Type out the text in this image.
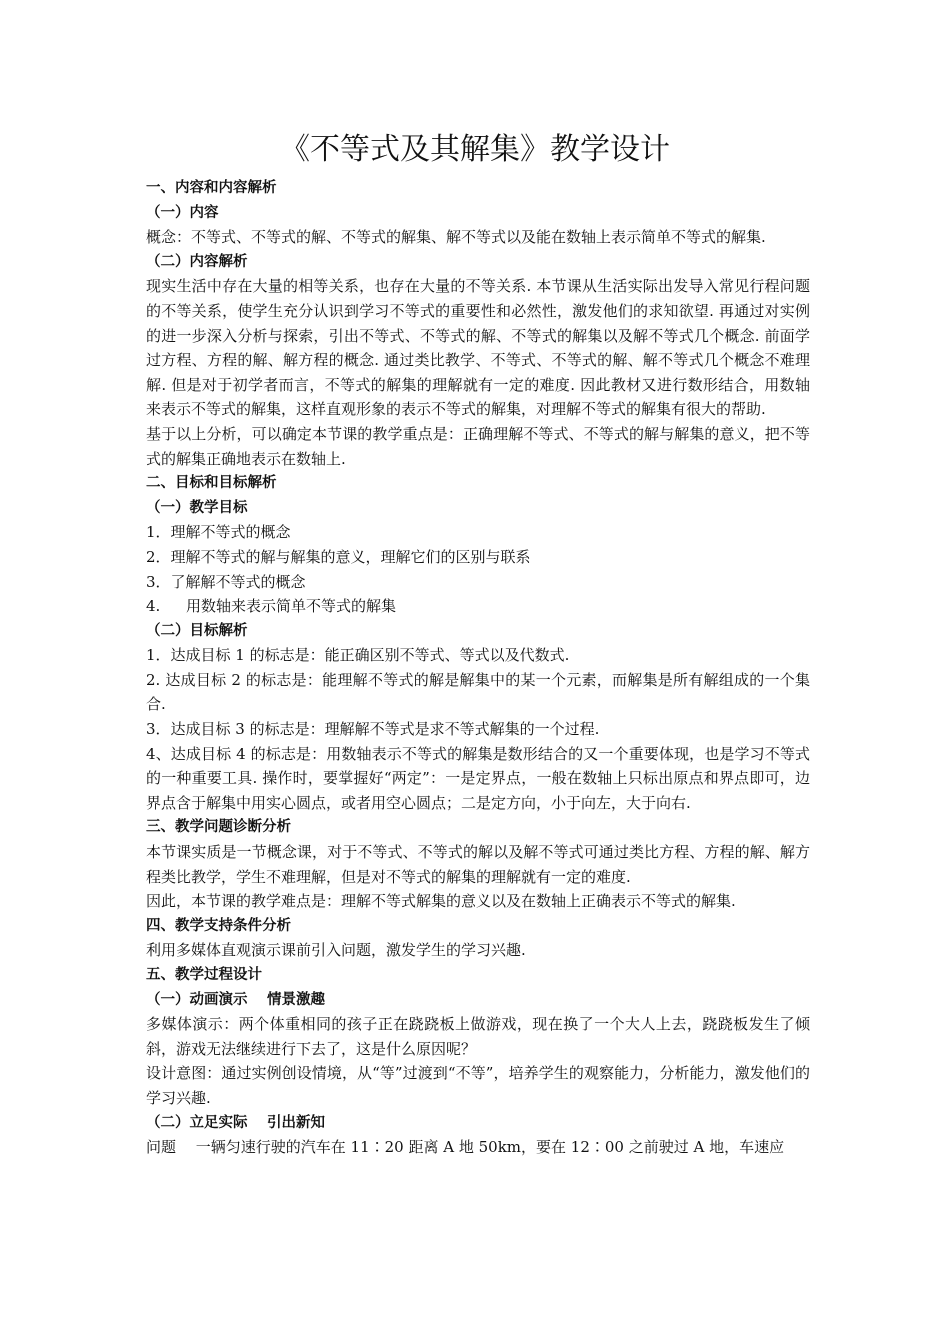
《不等式及其解集》教学设计

一、内容和内容解析

（一）内容

概念：不等式、不等式的解、不等式的解集、解不等式以及能在数轴上表示简单不等式的解集.

（二）内容解析

现实生活中存在大量的相等关系，也存在大量的不等关系. 本节课从生活实际出发导入常见行程问题的不等关系，使学生充分认识到学习不等式的重要性和必然性，激发他们的求知欲望. 再通过对实例的进一步深入分析与探索，引出不等式、不等式的解、不等式的解集以及解不等式几个概念. 前面学过方程、方程的解、解方程的概念. 通过类比教学、不等式、不等式的解、解不等式几个概念不难理解. 但是对于初学者而言，不等式的解集的理解就有一定的难度. 因此教材又进行数形结合，用数轴来表示不等式的解集，这样直观形象的表示不等式的解集，对理解不等式的解集有很大的帮助.

基于以上分析，可以确定本节课的教学重点是：正确理解不等式、不等式的解与解集的意义，把不等式的解集正确地表示在数轴上.

二、目标和目标解析

（一）教学目标

1．理解不等式的概念

2．理解不等式的解与解集的意义，理解它们的区别与联系

3．了解解不等式的概念

4. 用数轴来表示简单不等式的解集

（二）目标解析

1．达成目标 1 的标志是：能正确区别不等式、等式以及代数式.

2. 达成目标 2 的标志是：能理解不等式的解是解集中的某一个元素，而解集是所有解组成的一个集合.

3．达成目标 3 的标志是：理解解不等式是求不等式解集的一个过程.

4、达成目标 4 的标志是：用数轴表示不等式的解集是数形结合的又一个重要体现，也是学习不等式的一种重要工具. 操作时，要掌握好“两定”：一是定界点，一般在数轴上只标出原点和界点即可，边界点含于解集中用实心圆点，或者用空心圆点；二是定方向，小于向左，大于向右.

三、教学问题诊断分析

本节课实质是一节概念课，对于不等式、不等式的解以及解不等式可通过类比方程、方程的解、解方程类比教学，学生不难理解，但是对不等式的解集的理解就有一定的难度.

因此，本节课的教学难点是：理解不等式解集的意义以及在数轴上正确表示不等式的解集.

四、教学支持条件分析

利用多媒体直观演示课前引入问题，激发学生的学习兴趣.

五、教学过程设计

（一）动画演示　 情景激趣

多媒体演示：两个体重相同的孩子正在跷跷板上做游戏，现在换了一个大人上去，跷跷板发生了倾斜，游戏无法继续进行下去了，这是什么原因呢？

设计意图：通过实例创设情境，从“等”过渡到“不等”，培养学生的观察能力，分析能力，激发他们的学习兴趣.

（二）立足实际　 引出新知

问题　 一辆匀速行驶的汽车在 11∶20 距离 A 地 50km，要在 12∶00 之前驶过 A 地，车速应
